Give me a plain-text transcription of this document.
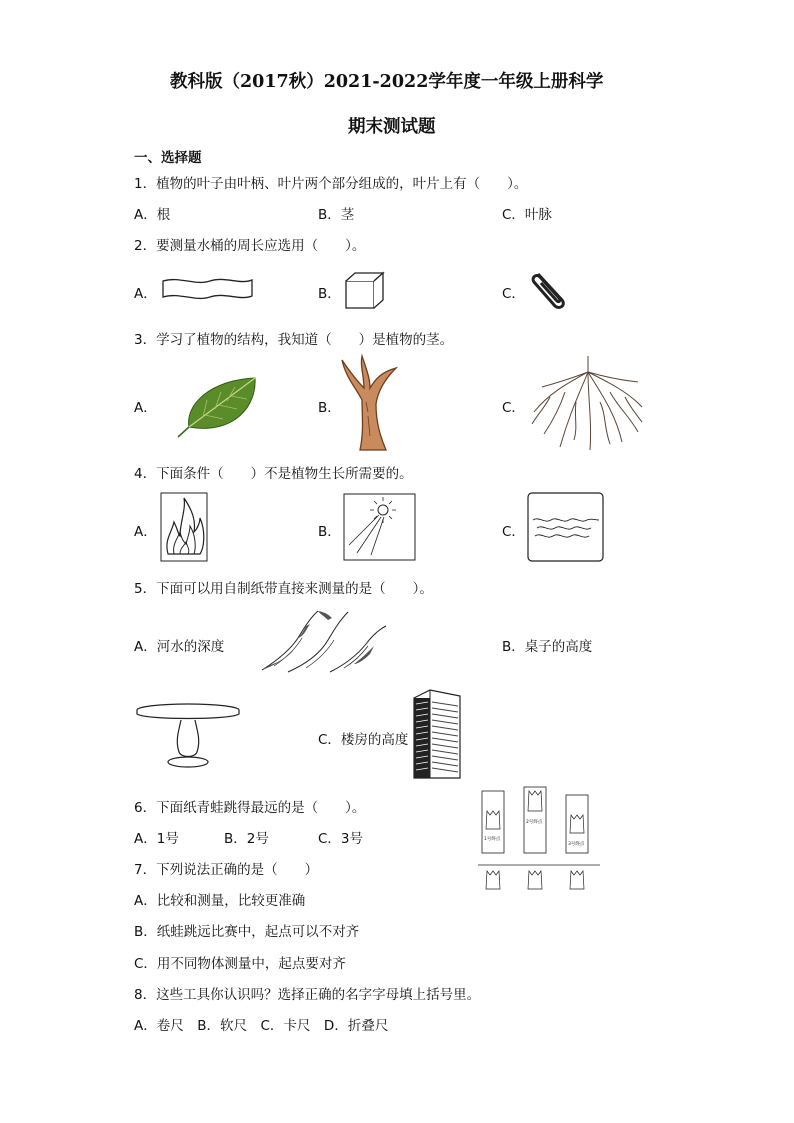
教科版（2017秋）2021-2022学年度一年级上册科学
期末测试题
一、选择题
1．植物的叶子由叶柄、叶片两个部分组成的，叶片上有（　　）。
A．根	B．茎	C．叶脉
2．要测量水桶的周长应选用（　　）。
A．	B．	C．
3．学习了植物的结构，我知道（　　）是植物的茎。
A．	B．	C．
4．下面条件（　　）不是植物生长所需要的。
A．	B．	C．
5．下面可以用自制纸带直接来测量的是（　　）。
A．河水的深度	B．桌子的高度
C．楼房的高度
6．下面纸青蛙跳得最远的是（　　）。
A．1号	B．2号	C．3号	1号终点
2号终点
3号终点
7．下列说法正确的是（　　）
A．比较和测量，比较更准确
B．纸蛙跳远比赛中，起点可以不对齐
C．用不同物体测量中，起点要对齐
8．这些工具你认识吗？选择正确的名字字母填上括号里。
A．卷尺　B．软尺　C．卡尺　D．折叠尺
